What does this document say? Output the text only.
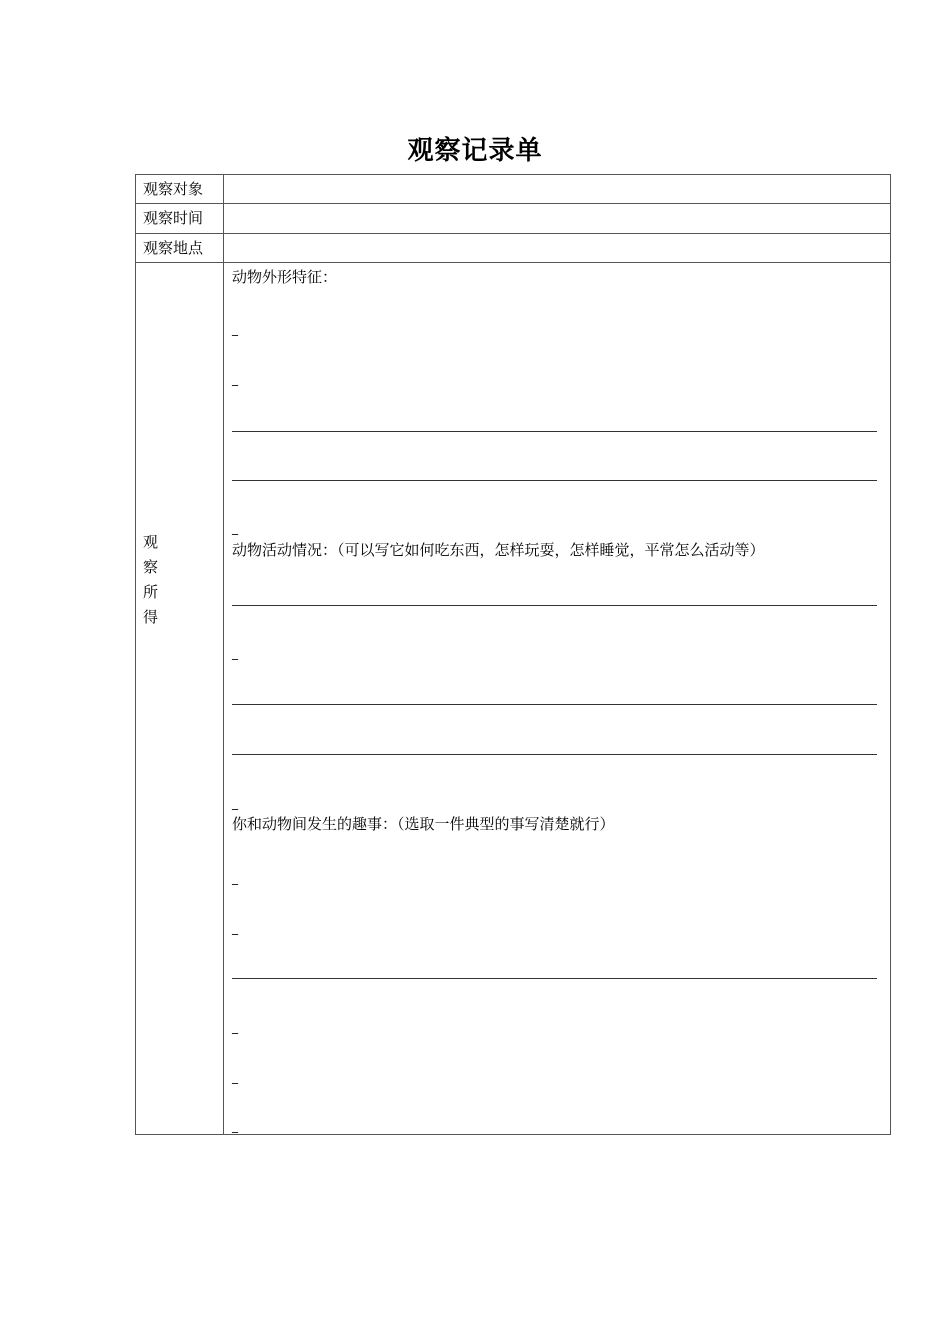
观察记录单
观察对象
观察时间
观察地点
观
察
所
得
动物外形特征：
_
_
_
动物活动情况：（可以写它如何吃东西，怎样玩耍，怎样睡觉，平常怎么活动等）
_
_
你和动物间发生的趣事：（选取一件典型的事写清楚就行）
_
_
_
_
_
